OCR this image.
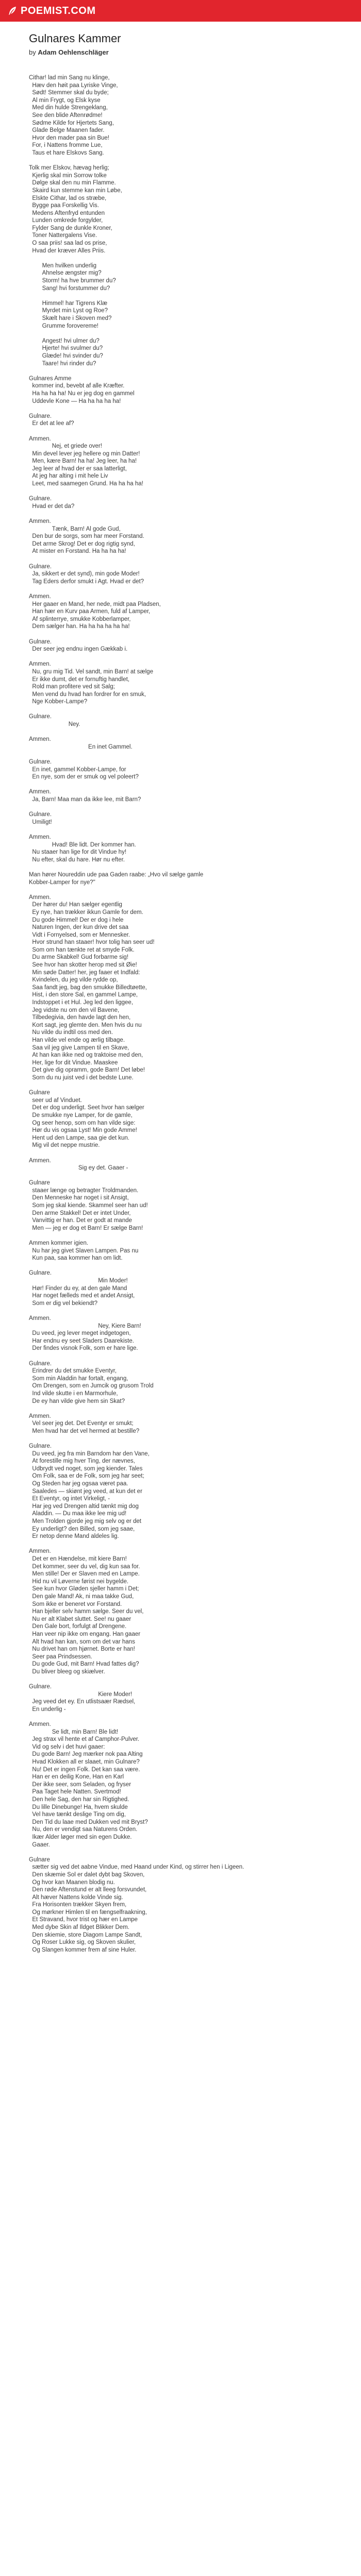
POEMIST.COM
Gulnares Kammer
by Adam Oehlenschläger
Cithar! lad min Sang nu klinge,
Hæv den høit paa Lyriske Vinge,
Sødt! Stemmer skal du byde;
Al min Frygt, og Elsk kyse
Med din hulde Strengeklang,
See den blide Aftenrødme!
Sødme Kilde for Hjertets Sang,
Glade Belge Maanen fader.
Hvor den mader paa sin Bue!
For, i Nattens fromme Lue,
Taus et hare Elskovs Sang.

Tolk mer Elskov, hævag herlig;
Kjerlig skal min Sorrow tolke
Dølge skal den nu min Flamme.
Skaird kun stemme kan min Løbe,
Elskte Cithar, lad os stræbe,
Bygge paa Forskellig Vis.
Medens Aftenfryd entunden
Lunden omkrede forgylder,
Fylder Sang de dunkle Kroner,
Toner Nattergalens Vise.
O saa priis! saa lad os prise,
Hvad der kræver Alles Priis.

Men hvilken underlig
Ahnelse ængster mig?
Storm! ha hve brummer du?
Sang! hvi forstummer du?

Himmel! har Tigrens Klæ
Myrdet min Lyst og Roe?
Skælt hare i Skoven med?
Grumme forovereme!

Angest! hvi ulmer du?
Hjerte! hvi svulmer du?
Glæde! hvi svinder du?
Taare! hvi rinder du?

Gulnares Amme
kommer ind, bevebt af alle Kræfter.
Ha ha ha ha! Nu er jeg dog en gammel
Uddevle Kone — Ha ha ha ha ha!

Gulnare.
Er det at lee af?

Ammen.
Nej, et griede over!
Min devel lever jeg hellere og min Datter!
Men, kære Barn! ha ha! Jeg leer, ha ha!
Jeg leer af hvad der er saa latterligt,
At jeg har alting i mit hele Liv
Leet, med saamegen Grund. Ha ha ha ha!

Gulnare.
Hvad er det da?

Ammen.
Tænk, Barn! Al gode Gud,
Den bur de sorgs, som har meer Forstand.
Det arme Skrog! Det er dog rigtig synd,
At mister en Forstand. Ha ha ha ha!

Gulnare.
Ja, sikkert er det synd), min gode Moder!
Tag Eders derfor smukt i Agt. Hvad er det?

Ammen.
Her gaaer en Mand, her nede, midt paa Pladsen,
Han hær en Kurv paa Armen, fuld af Lamper,
Af splinterrye, smukke Kobberlamper,
Dem sælger han. Ha ha ha ha ha ha!

Gulnare.
Der seer jeg endnu ingen Gækkab i.

Ammen.
Nu, gru mig Tid. Vel sandt, min Barn! at sælge
Er ikke dumt, det er fornuftig handlet,
Rold man profitere ved sit Salg;
Men vend du hvad han fordrer for en smuk,
Nge Kobber-Lampe?

Gulnare.
Ney.

Ammen.
En inet Gammel.

Gulnare.
En inet, gammel Kobber-Lampe, for
En nye, som der er smuk og vel poleert?

Ammen.
Ja, Barn! Maa man da ikke lee, mit Barn?

Gulnare.
Umiligt!

Ammen.
Hvad! Ble lidt. Der kommer han.
Nu staaer han lige for dit Vindue hy!
Nu efter, skal du hare. Hør nu efter.

Man hører Noureddin ude paa Gaden raabe: „Hvo vil sælge gamle
Kobber-Lamper for nye?"

Ammen.
Der hører du! Han sælger egentlig
Ey nye, han trækker ikkun Gamle for dem.
Du gode Himmel! Der er dog i hele
Naturen Ingen, der kun drive det saa
Vidt i Fornyelsed, som er Mennesker.
Hvor strund han staaer! hvor tolig han seer ud!
Som om han tænkte ret at smyde Folk.
Du arme Skabkel! Gud forbarme sig!
See hvor han skotter herop med sit Øie!
Min søde Datter! her, jeg faaer et Indfald:
Kvindelen, du jeg vilde rydde op,
Saa fandt jeg, bag den smukke Billedtøette,
Hist, i den store Sal, en gammel Lampe,
Indstoppet i et Hul. Jeg led den liggee,
Jeg vidste nu om den vil Bavene,
Tilbedegivia, den havde lagt den hen,
Kort sagt, jeg glemte den. Men hvis du nu
Nu vilde du indtil oss med den.
Han vilde vel ende og ærlig tilbage.
Saa vil jeg give Lampen til en Skave,
At han kan ikke ned og traktoise med den,
Her, lige for dit Vindue. Maaskee
Det give dig opramm, gode Barn! Det løbe!
Sorn du nu juist ved i det bedste Lune.

Gulnare
seer ud af Vinduet.
Det er dog underligt. Seet hvor han sælger
De smukke nye Lamper, for de gamle,
Og seer henop, som om han vilde sige:
Hør du vis ogsaa Lyst! Min gode Amme!
Hent ud den Lampe, saa gie det kun.
Mig vil det neppe mustrie.

Ammen.
Sig ey det. Gaaer -

Gulnare
staaer længe og betragter Troldmanden.
Den Menneske har noget i sit Ansigt,
Som jeg skal kiende. Skammel seer han ud!
Den arme Stakkel! Det er intet Under,
Vanvittig er han. Det er godt at mande
Men — jeg er dog et Barn! Er sælge Barn!

Ammen kommer igien.
Nu har jeg givet Slaven Lampen. Pas nu
Kun paa, saa kommer han om lidt.

Gulnare.
Min Moder!
Hør! Finder du ey, at den gale Mand
Har noget fælleds med et andet Ansigt,
Som er dig vel bekiendt?

Ammen.
Ney, Kiere Barn!
Du veed, jeg lever meget indgetogen,
Har endnu ey seet Sladers Daarekiste.
Der findes visnok Folk, som er hare lige.

Gulnare.
Erindrer du det smukke Eventyr,
Som min Aladdin har fortalt, engang,
Om Drengen, som en Jumcik og grusom Trold
Ind vilde skutte i en Marmorhule,
De ey han vilde give hem sin Skat?

Ammen.
Vel seer jeg det. Det Eventyr er smukt;
Men hvad har det vel hermed at bestille?

Gulnare.
Du veed, jeg fra min Barndom har den Vane,
At forestille mig hver Ting, der nævnes,
Udbrydt ved noget, som jeg kiender. Tales
Om Folk, saa er de Folk, som jeg har seet;
Og Steden har jeg ogsaa været paa.
Saaledes — skiønt jeg veed, at kun det er
Et Eventyr, og intet Virkeligt, -
Har jeg ved Drengen altid tænkt mig dog
Aladdin. — Du maa ikke lee mig ud!
Men Trolden gjorde jeg mig selv og er det
Ey underligt? den Billed, som jeg saae,
Er netop denne Mand aldeles lig.

Ammen.
Det er en Hændelse, mit kiere Barn!
Det kommer, seer du vel, dig kun saa for.
Men stille! Der er Slaven med en Lampe.
Hid nu vil Løverne førist nei bygelde.
See kun hvor Gløden sjeller hamm i Det;
Den gale Mand! Ak, ni maa takke Gud,
Som ikke er beneret vor Forstand.
Han bjeller selv hamm sælge. Seer du vel,
Nu er alt Klabet sluttet. See! nu gaaer
Den Gale bort, forfulgt af Drengene.
Han veer nip ikke om engang. Han gaaer
Alt hvad han kan, som om det var hans
Nu drivet han om hjørnet. Borte er han!
Seer paa Prindsessen.
Du gode Gud, mit Barn! Hvad fattes dig?
Du bliver bleeg og skiælver.

Gulnare.
Kiere Moder!
Jeg veed det ey. En utlistsaær Rædsel,
En underlig -

Ammen.
Se lidt, min Barn! Ble lidt!
Jeg strax vil hente et af Camphor-Pulver.
Vid og selv i det huvi gaaer:
Du gode Barn! Jeg mærker nok paa Alting
Hvad Klokken all er slaaet, min Gulnare?
Nu! Det er ingen Folk. Det kan saa være.
Han er en deilig Kone, Han en Karl
Der ikke seer, som Seladen, og fryser
Paa Taget hele Natten. Svertmod!
Den hele Sag, den har sin Rigtighed.
Du lille Dinebunge! Ha, hvem skulde
Vel have tænkt deslige Ting om dig,
Den Tid du laae med Dukken ved mit Bryst?
Nu, den er vendigt saa Naturens Orden.
Ikær Alder løger med sin egen Dukke.
Gaaer.

Gulnare
sætter sig ved det aabne Vindue, med Haand under Kind, og stirrer hen i Ligeen.
Den skæmie Sol er dalet dybt bag Skoven,
Og hvor kan Maanen blodig nu.
Den røde Aftenstund er alt lleeg forsvundet,
Alt hæver Nattens kolde Vinde sig.
Fra Horisonten trækker Skyen frem,
Og mørkner Himlen til en fængselfraakning,
Et Stravand, hvor trist og hær en Lampe
Med dybe Skin af Ildget Blikker Dem.
Den skiemie, store Diagom Lampe Sandt,
Og Roser Lukke sig, og Skoven skulier,
Og Slangen kommer frem af sine Huler.
